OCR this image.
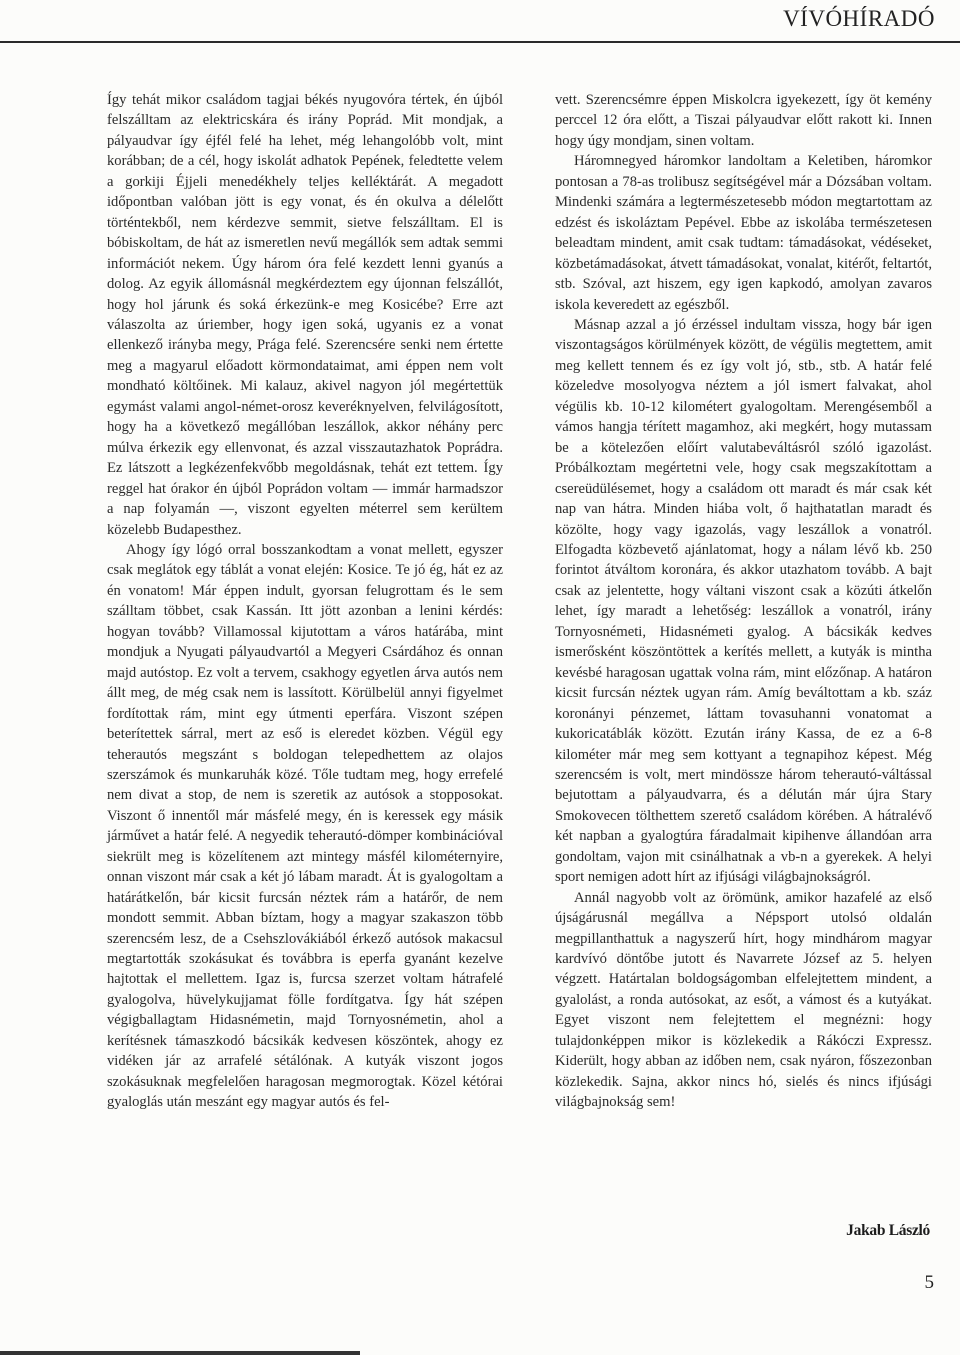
VÍVÓHÍRADÓ

Így tehát mikor családom tagjai békés nyugovóra tértek, én újból felszálltam az elektricskára és irány Poprád. Mit mondjak, a pályaudvar így éjfél felé ha lehet, még lehangolóbb volt, mint korábban; de a cél, hogy iskolát adhatok Pepének, feledtette velem a gorkiji Éjjeli menedékhely teljes kelléktárát. A megadott időpontban valóban jött is egy vonat, és én okulva a délelőtt történtekből, nem kérdezve semmit, sietve felszálltam. El is bóbiskoltam, de hát az ismeretlen nevű megállók sem adtak semmi információt nekem. Úgy három óra felé kezdett lenni gyanús a dolog. Az egyik állomásnál megkérdeztem egy újonnan felszállót, hogy hol járunk és soká érkezünk-e meg Kosicébe? Erre azt válaszolta az úriember, hogy igen soká, ugyanis ez a vonat ellenkező irányba megy, Prága felé. Szerencsére senki nem értette meg a magyarul előadott körmondataimat, ami éppen nem volt mondható költőinek. Mi kalauz, akivel nagyon jól megértettük egymást valami angol-német-orosz keveréknyelven, felvilágosított, hogy ha a következő megállóban leszállok, akkor néhány perc múlva érkezik egy ellenvonat, és azzal visszautazhatok Poprádra. Ez látszott a legkézenfekvőbb megoldásnak, tehát ezt tettem. Így reggel hat órakor én újból Poprádon voltam — immár harmadszor a nap folyamán —, viszont egyelten méterrel sem kerültem közelebb Budapesthez.

Ahogy így lógó orral bosszankodtam a vonat mellett, egyszer csak meglátok egy táblát a vonat elején: Kosice. Te jó ég, hát ez az én vonatom! Már éppen indult, gyorsan felugrottam és le sem szálltam többet, csak Kassán. Itt jött azonban a lenini kérdés: hogyan tovább? Villamossal kijutottam a város határába, mint mondjuk a Nyugati pályaudvartól a Megyeri Csárdához és onnan majd autóstop. Ez volt a tervem, csakhogy egyetlen árva autós nem állt meg, de még csak nem is lassított. Körülbelül annyi figyelmet fordítottak rám, mint egy útmenti eperfára. Viszont szépen beterítettek sárral, mert az eső is eleredet közben. Végül egy teherautós megszánt s boldogan telepedhettem az olajos szerszámok és munkaruhák közé. Tőle tudtam meg, hogy errefelé nem divat a stop, de nem is szeretik az autósok a stopposokat. Viszont ő innentől már másfelé megy, én is keressek egy másik járművet a határ felé. A negyedik teherautó-dömper kombinációval siekrült meg is közelítenem azt mintegy másfél kilométernyire, onnan viszont már csak a két jó lábam maradt. Át is gyalogoltam a határátkelőn, bár kicsit furcsán néztek rám a határőr, de nem mondott semmit. Abban bíztam, hogy a magyar szakaszon több szerencsém lesz, de a Csehszlovákiából érkező autósok makacsul megtartották szokásukat és továbbra is eperfa gyanánt kezelve hajtottak el mellettem. Igaz is, furcsa szerzet voltam hátrafelé gyalogolva, hüvelykujjamat fölle fordítgatva. Így hát szépen végigballagtam Hidasnémetin, majd Tornyosnémetin, ahol a kerítésnek támaszkodó bácsikák kedvesen köszöntek, ahogy ez vidéken jár az arrafelé sétálónak. A kutyák viszont jogos szokásuknak megfelelően haragosan megmorogtak. Közel kétórai gyaloglás után meszánt egy magyar autós és fel-

vett. Szerencsémre éppen Miskolcra igyekezett, így öt kemény perccel 12 óra előtt, a Tiszai pályaudvar előtt rakott ki. Innen hogy úgy mondjam, sinen voltam.

Háromnegyed háromkor landoltam a Keletiben, háromkor pontosan a 78-as trolibusz segítségével már a Dózsában voltam. Mindenki számára a legtermészetesebb módon megtartottam az edzést és iskoláztam Pepével. Ebbe az iskolába természetesen beleadtam mindent, amit csak tudtam: támadásokat, védéseket, közbetámadásokat, átvett támadásokat, vonalat, kitérőt, feltartót, stb. Szóval, azt hiszem, egy igen kapkodó, amolyan zavaros iskola keveredett az egészből.

Másnap azzal a jó érzéssel indultam vissza, hogy bár igen viszontagságos körülmények között, de végülis megtettem, amit meg kellett tennem és ez így volt jó, stb., stb. A határ felé közeledve mosolyogva néztem a jól ismert falvakat, ahol végülis kb. 10-12 kilométert gyalogoltam. Merengésemből a vámos hangja térített magamhoz, aki megkért, hogy mutassam be a kötelezően előírt valutabeváltásról szóló igazolást. Próbálkoztam megértetni vele, hogy csak megszakítottam a csereüdülésemet, hogy a családom ott maradt és már csak két nap van hátra. Minden hiába volt, ő hajthatatlan maradt és közölte, hogy vagy igazolás, vagy leszállok a vonatról. Elfogadta közbevető ajánlatomat, hogy a nálam lévő kb. 250 forintot átváltom koronára, és akkor utazhatom tovább. A bajt csak az jelentette, hogy váltani viszont csak a közúti átkelőn lehet, így maradt a lehetőség: leszállok a vonatról, irány Tornyosnémeti, Hidasnémeti gyalog. A bácsikák kedves ismerősként köszöntöttek a kerítés mellett, a kutyák is mintha kevésbé haragosan ugattak volna rám, mint előzőnap. A határon kicsit furcsán néztek ugyan rám. Amíg beváltottam a kb. száz koronányi pénzemet, láttam tovasuhanni vonatomat a kukoricatáblák között. Ezután irány Kassa, de ez a 6-8 kilométer már meg sem kottyant a tegnapihoz képest. Még szerencsém is volt, mert mindössze három teherautó-váltással bejutottam a pályaudvarra, és a délután már újra Stary Smokovecen tölthettem szerető családom körében. A hátralévő két napban a gyalogtúra fáradalmait kipihenve állandóan arra gondoltam, vajon mit csinálhatnak a vb-n a gyerekek. A helyi sport nemigen adott hírt az ifjúsági világbajnokságról.

Annál nagyobb volt az örömünk, amikor hazafelé az első újságárusnál megállva a Népsport utolsó oldalán megpillanthattuk a nagyszerű hírt, hogy mindhárom magyar kardvívó döntőbe jutott és Navarrete József az 5. helyen végzett. Határtalan boldogságomban elfelejtettem mindent, a gyalolást, a ronda autósokat, az esőt, a vámost és a kutyákat. Egyet viszont nem felejtettem el megnézni: hogy tulajdonképpen mikor is közlekedik a Rákóczi Expressz. Kiderült, hogy abban az időben nem, csak nyáron, főszezonban közlekedik. Sajna, akkor nincs hó, sielés és nincs ifjúsági világbajnokság sem!

Jakab László
5
